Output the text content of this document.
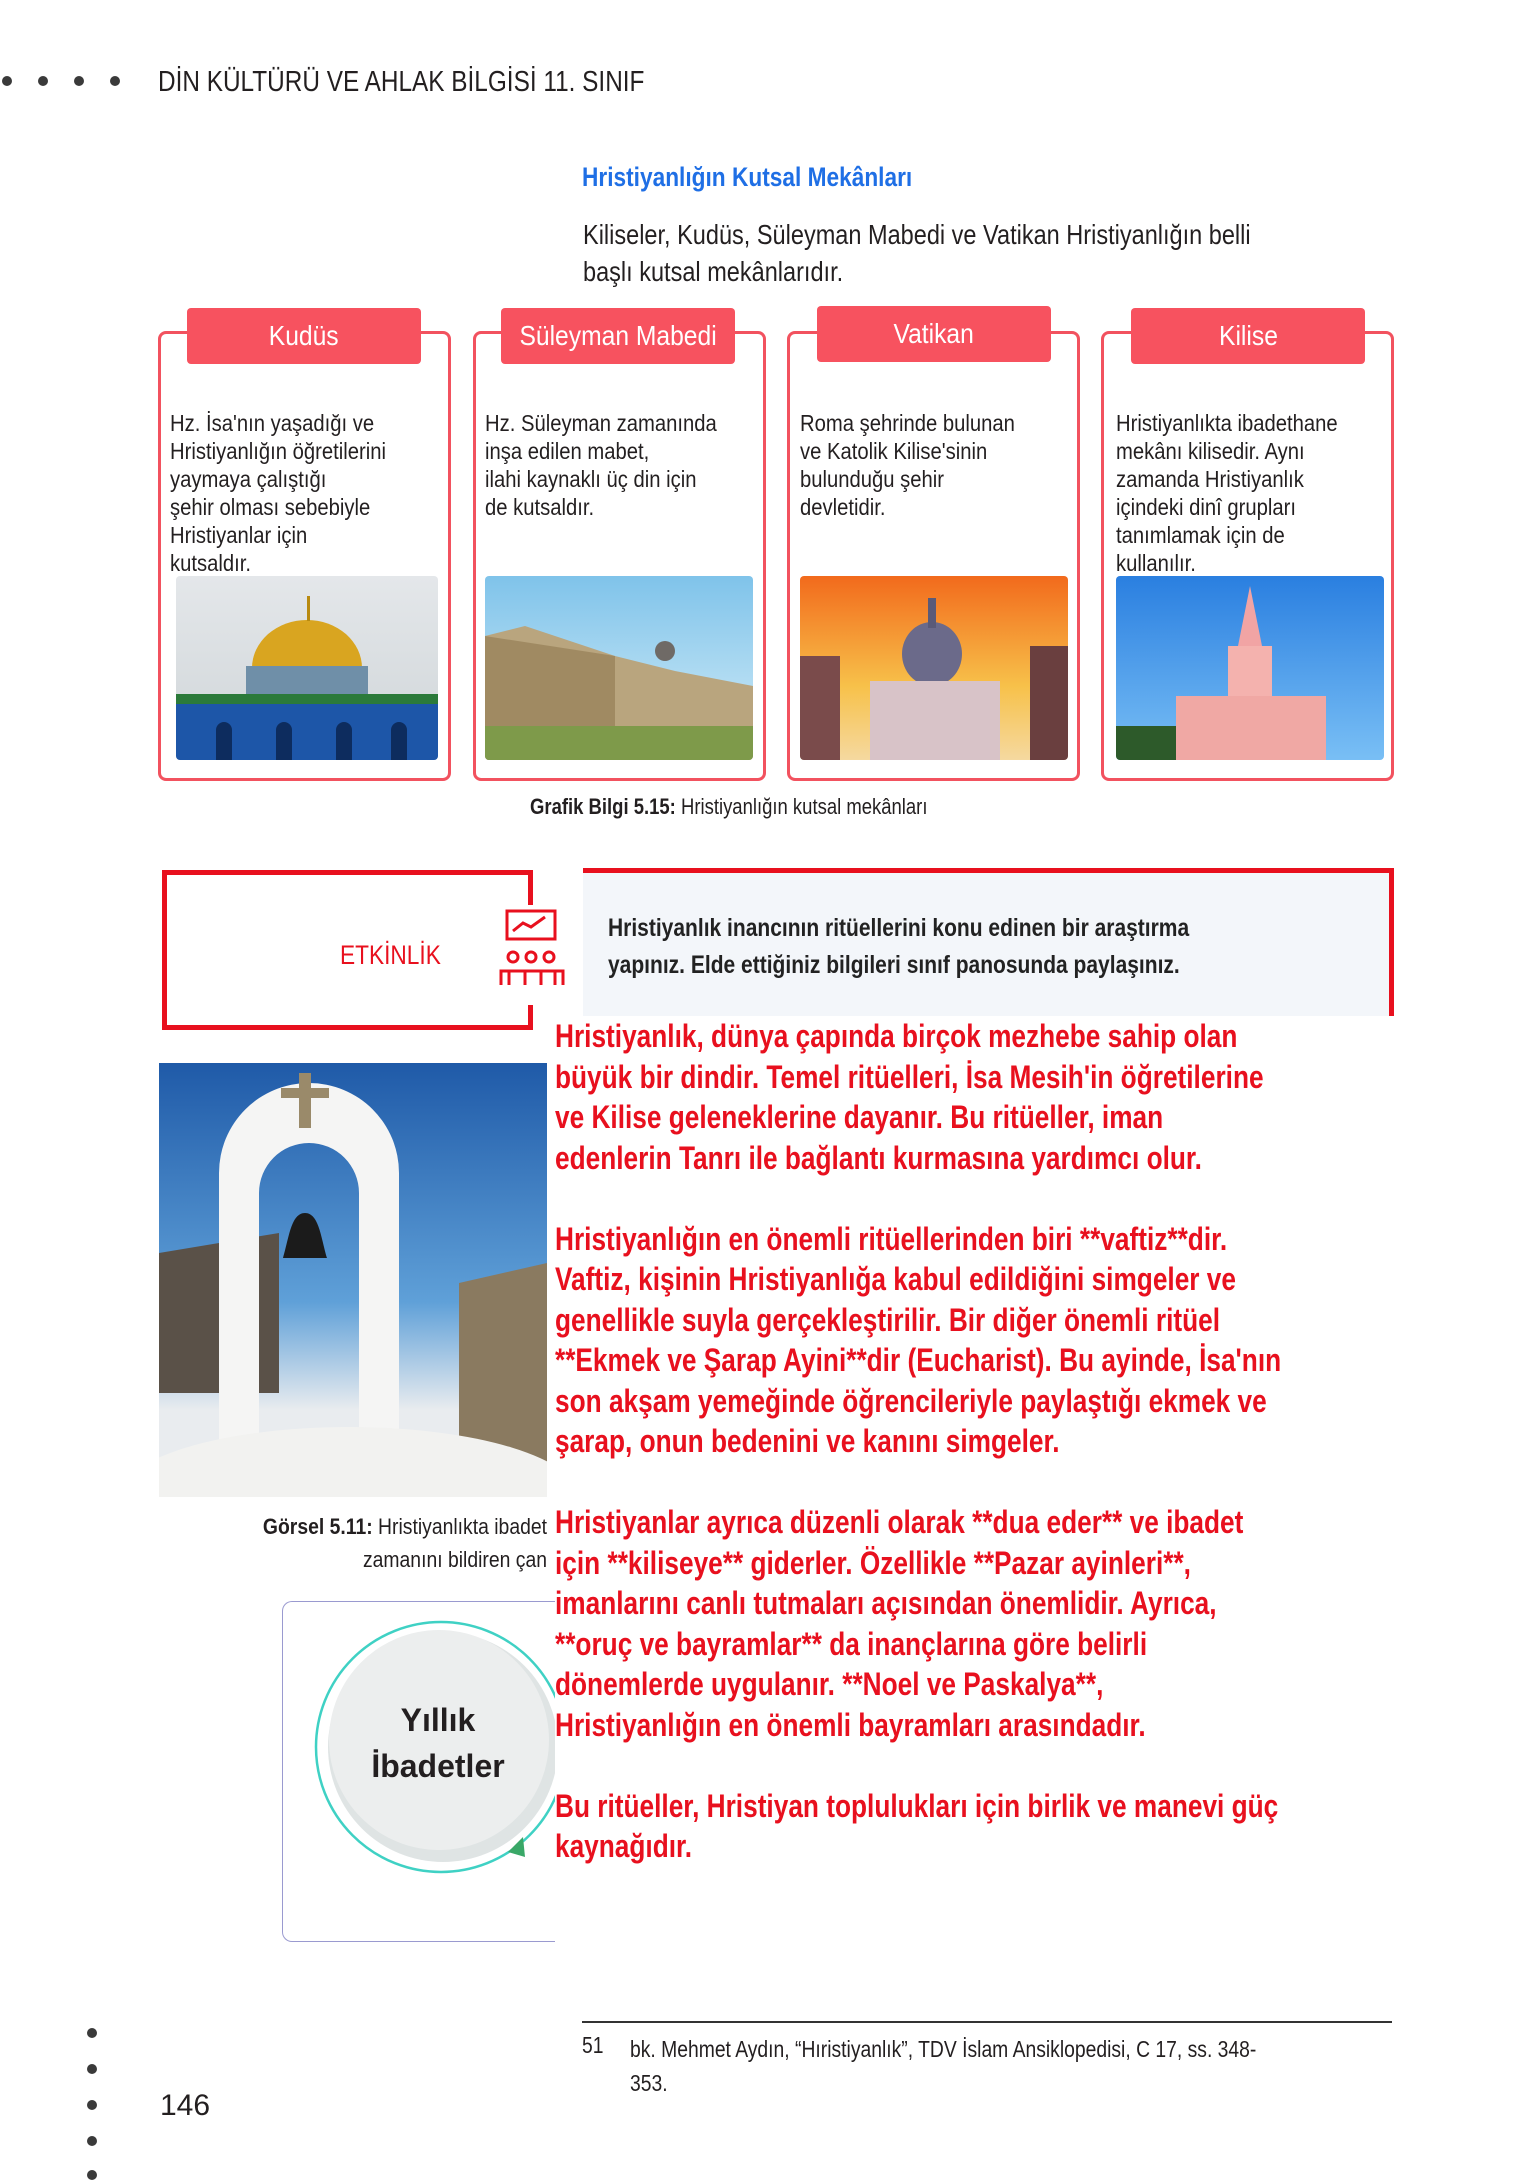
DİN KÜLTÜRÜ VE AHLAK BİLGİSİ 11. SINIF
Hristiyanlığın Kutsal Mekânları
Kiliseler, Kudüs, Süleyman Mabedi ve Vatikan Hristiyanlığın belli
başlı kutsal mekânlarıdır.
Kudüs	Süleyman Mabedi	Vatikan	Kilise
Hz. İsa'nın yaşadığı ve
Hristiyanlığın öğretilerini
yaymaya çalıştığı
şehir olması sebebiyle
Hristiyanlar için
kutsaldır.
Hz. Süleyman zamanında
inşa edilen mabet,
ilahi kaynaklı üç din için
de kutsaldır.
Roma şehrinde bulunan
ve Katolik Kilise'sinin
bulunduğu şehir
devletidir.
Hristiyanlıkta ibadethane
mekânı kilisedir. Aynı
zamanda Hristiyanlık
içindeki dinî grupları
tanımlamak için de
kullanılır.
Grafik Bilgi 5.15: Hristiyanlığın kutsal mekânları
ETKİNLİK
Hristiyanlık inancının ritüellerini konu edinen bir araştırma
yapınız. Elde ettiğiniz bilgileri sınıf panosunda paylaşınız.
Görsel 5.11: Hristiyanlıkta ibadet
zamanını bildiren çan
Yıllık
İbadetler
Hristiyanlık, dünya çapında birçok mezhebe sahip olan
büyük bir dindir. Temel ritüelleri, İsa Mesih'in öğretilerine
ve Kilise geleneklerine dayanır. Bu ritüeller, iman
edenlerin Tanrı ile bağlantı kurmasına yardımcı olur.
Hristiyanlığın en önemli ritüellerinden biri **vaftiz**dir.
Vaftiz, kişinin Hristiyanlığa kabul edildiğini simgeler ve
genellikle suyla gerçekleştirilir. Bir diğer önemli ritüel
**Ekmek ve Şarap Ayini**dir (Eucharist). Bu ayinde, İsa'nın
son akşam yemeğinde öğrencileriyle paylaştığı ekmek ve
şarap, onun bedenini ve kanını simgeler.
Hristiyanlar ayrıca düzenli olarak **dua eder** ve ibadet
için **kiliseye** giderler. Özellikle **Pazar ayinleri**,
imanlarını canlı tutmaları açısından önemlidir. Ayrıca,
**oruç ve bayramlar** da inançlarına göre belirli
dönemlerde uygulanır. **Noel ve Paskalya**,
Hristiyanlığın en önemli bayramları arasındadır.
Bu ritüeller, Hristiyan toplulukları için birlik ve manevi güç
kaynağıdır.
51 bk. Mehmet Aydın, “Hıristiyanlık”, TDV İslam Ansiklopedisi, C 17, ss. 348-
353.
146
